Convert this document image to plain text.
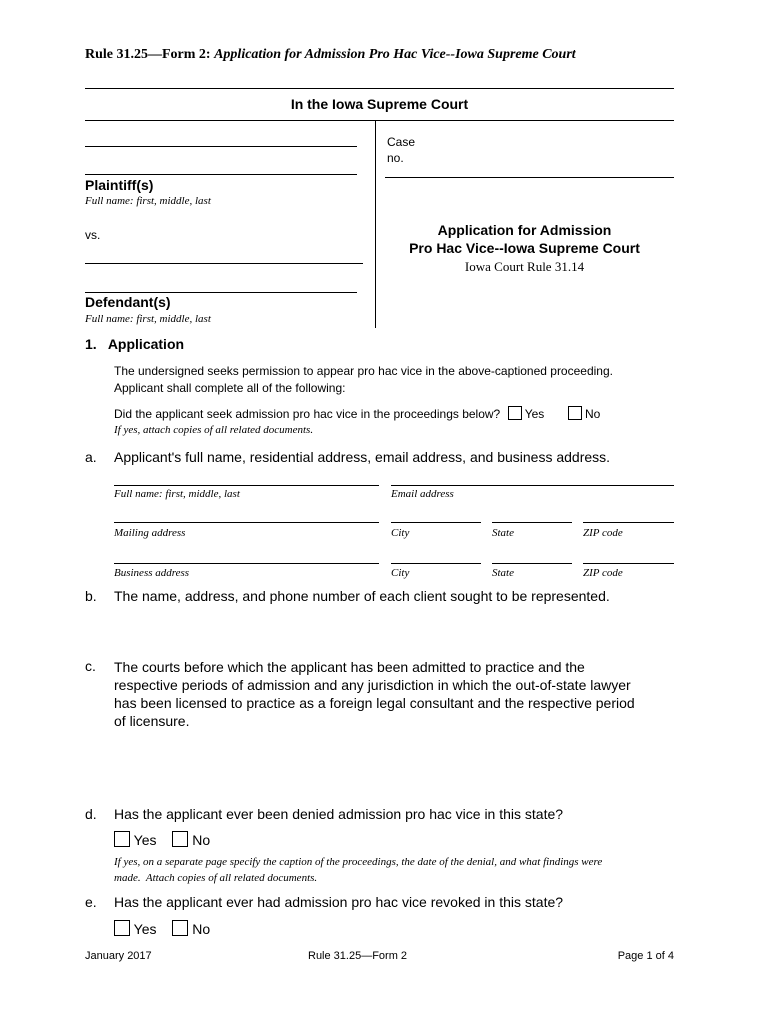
Rule 31.25—Form 2: Application for Admission Pro Hac Vice--Iowa Supreme Court
In the Iowa Supreme Court
Plaintiff(s)
Full name: first, middle, last
vs.
Defendant(s)
Full name: first, middle, last
Case
no.
Application for Admission
Pro Hac Vice--Iowa Supreme Court
Iowa Court Rule 31.14
1.   Application
The undersigned seeks permission to appear pro hac vice in the above-captioned proceeding.
Applicant shall complete all of the following:
Did the applicant seek admission pro hac vice in the proceedings below? Yes	No
If yes, attach copies of all related documents.
a. Applicant's full name, residential address, email address, and business address.
Full name: first, middle, last	Email address
Mailing address	City	State	ZIP code
Business address	City	State	ZIP code
b. The name, address, and phone number of each client sought to be represented.
c. The courts before which the applicant has been admitted to practice and the
respective periods of admission and any jurisdiction in which the out-of-state lawyer
has been licensed to practice as a foreign legal consultant and the respective period
of licensure.
d. Has the applicant ever been denied admission pro hac vice in this state?
Yes	No
If yes, on a separate page specify the caption of the proceedings, the date of the denial, and what findings were
made.  Attach copies of all related documents.
e. Has the applicant ever had admission pro hac vice revoked in this state?
Yes	No
January 2017	Rule 31.25—Form 2	Page 1 of 4
